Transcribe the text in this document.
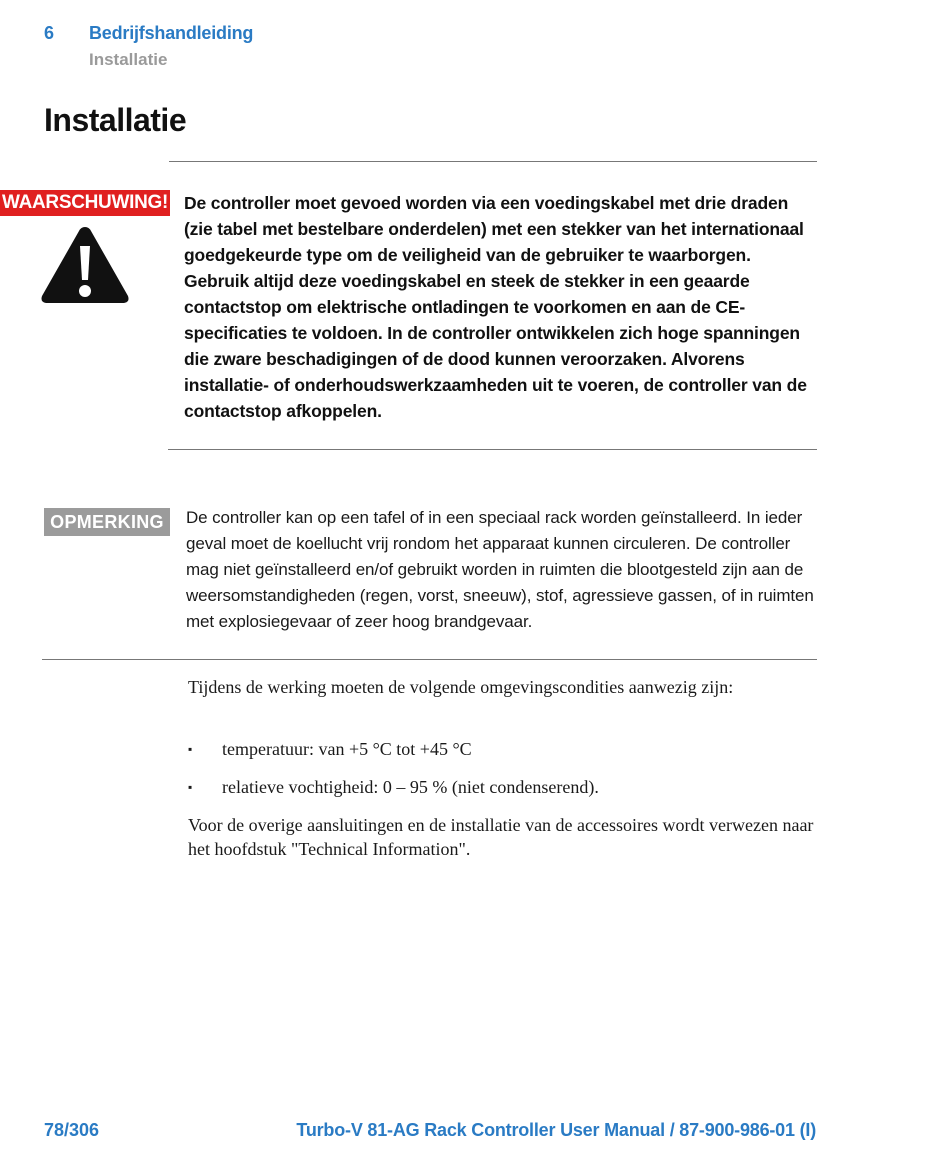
6 Bedrijfshandleiding
Installatie
Installatie
WAARSCHUWING! De controller moet gevoed worden via een voedingskabel met drie draden (zie tabel met bestelbare onderdelen) met een stekker van het internationaal goedgekeurde type om de veiligheid van de gebruiker te waarborgen. Gebruik altijd deze voedingskabel en steek de stekker in een geaarde contactstop om elektrische ontladingen te voorkomen en aan de CE-specificaties te voldoen. In de controller ontwikkelen zich hoge spanningen die zware beschadigingen of de dood kunnen veroorzaken. Alvorens installatie- of onderhoudswerkzaamheden uit te voeren, de controller van de contactstop afkoppelen.
OPMERKING	De controller kan op een tafel of in een speciaal rack worden geïnstalleerd. In ieder geval moet de koellucht vrij rondom het apparaat kunnen circuleren. De controller mag niet geïnstalleerd en/of gebruikt worden in ruimten die blootgesteld zijn aan de weersomstandigheden (regen, vorst, sneeuw), stof, agressieve gassen, of in ruimten met explosiegevaar of zeer hoog brandgevaar.
Tijdens de werking moeten de volgende omgevingscondities aanwezig zijn:
▪ temperatuur: van +5 °C tot +45 °C
▪ relatieve vochtigheid: 0 – 95 % (niet condenserend).
Voor de overige aansluitingen en de installatie van de accessoires wordt verwezen naar het hoofdstuk "Technical Information".
78/306	Turbo-V 81-AG Rack Controller User Manual / 87-900-986-01 (I)
